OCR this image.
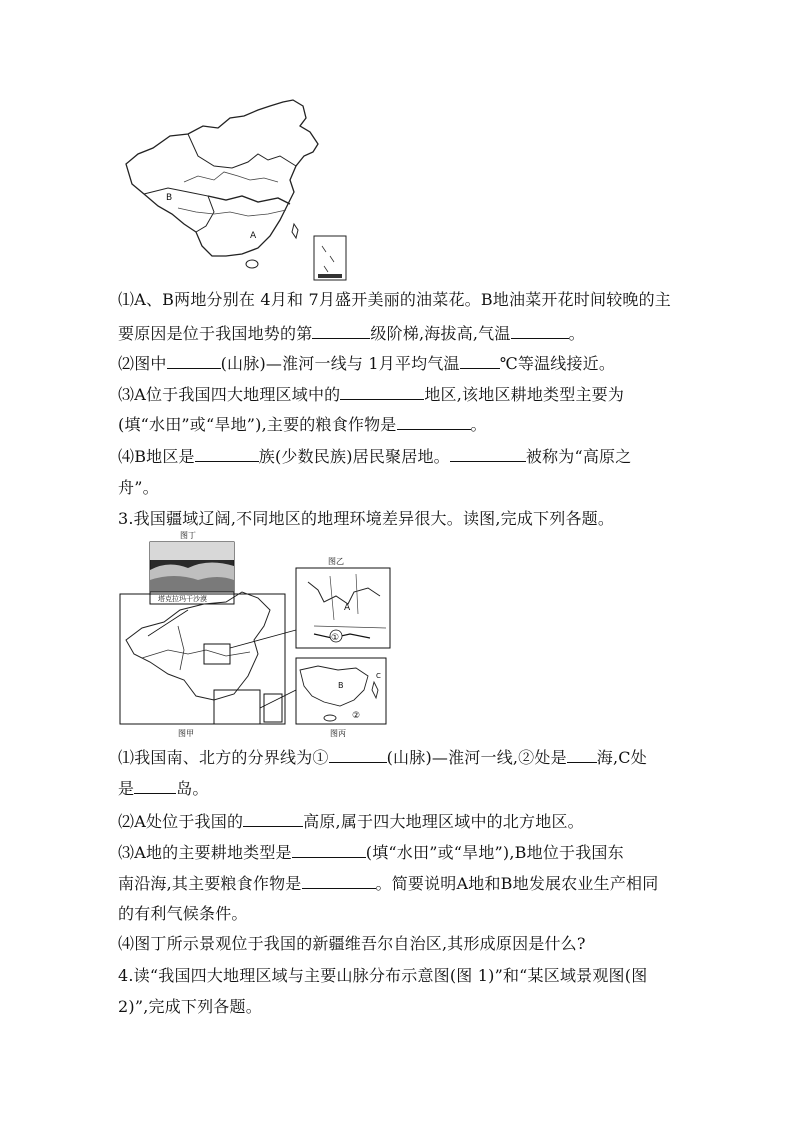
B
A
⑴A、B两地分别在 4月和 7月盛开美丽的油菜花。B地油菜开花时间较晚的主
要原因是位于我国地势的第	级阶梯,海拔高,气温	。
⑵图中	(山脉)—淮河一线与 1月平均气温	℃等温线接近。
⑶A位于我国四大地理区域中的	地区,该地区耕地类型主要为
(填“水田”或“旱地”),主要的粮食作物是	。
⑷B地区是	族(少数民族)居民聚居地。	被称为“高原之
舟”。
3.我国疆域辽阔,不同地区的地理环境差异很大。读图,完成下列各题。
图丁
塔克拉玛干沙漠
图甲
图乙
①
A
B
C
②
图丙
⑴我国南、北方的分界线为①	(山脉)—淮河一线,②处是 海,C处
是	岛。
⑵A处位于我国的	高原,属于四大地理区域中的北方地区。
⑶A地的主要耕地类型是	(填“水田”或“旱地”),B地位于我国东
南沿海,其主要粮食作物是	。简要说明A地和B地发展农业生产相同
的有利气候条件。
⑷图丁所示景观位于我国的新疆维吾尔自治区,其形成原因是什么?
4.读“我国四大地理区域与主要山脉分布示意图(图 1)”和“某区域景观图(图
2)”,完成下列各题。
